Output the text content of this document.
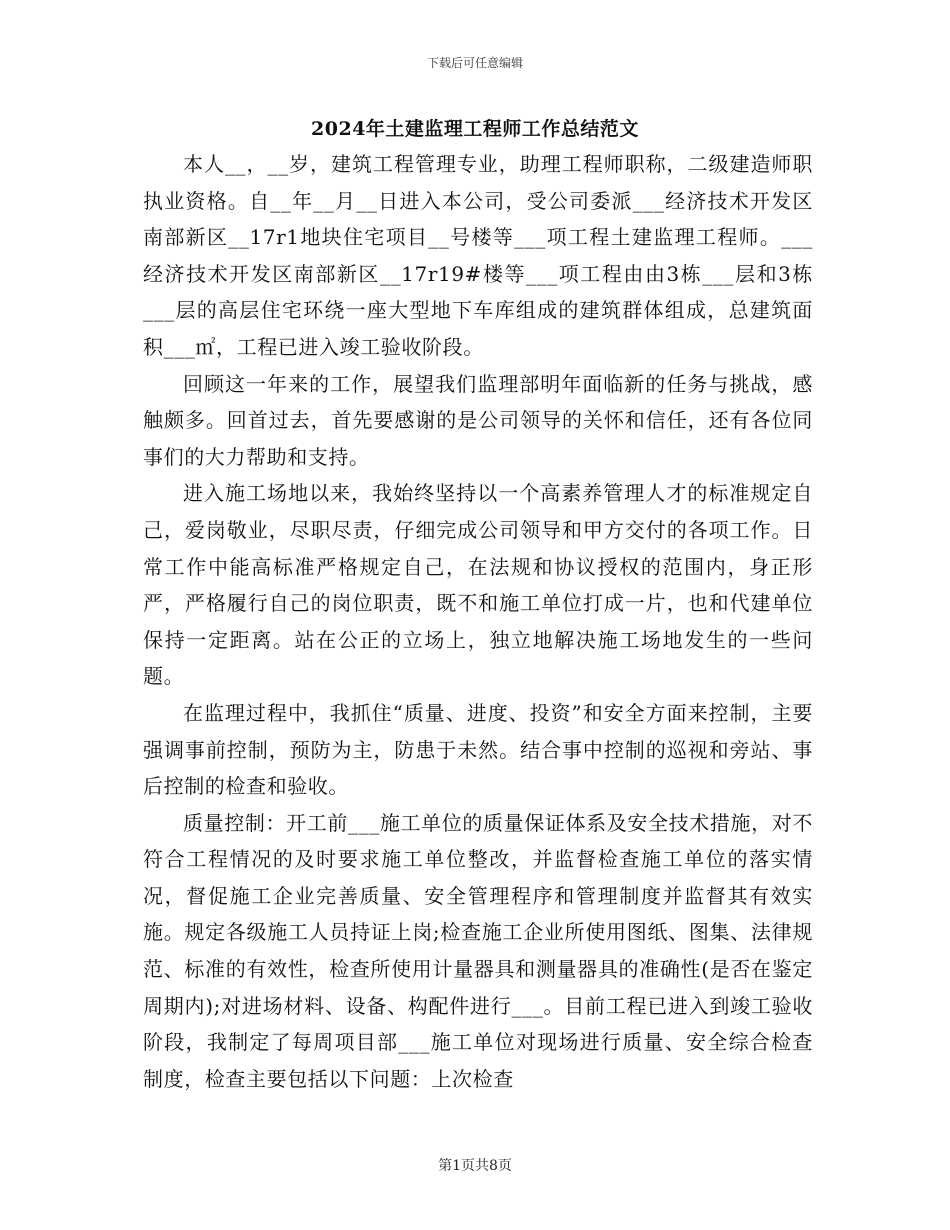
下载后可任意编辑
2024年土建监理工程师工作总结范文

本人__，__岁，建筑工程管理专业，助理工程师职称，二级建造师职执业资格。自__年__月__日进入本公司，受公司委派___经济技术开发区南部新区__17r1地块住宅项目__号楼等___项工程土建监理工程师。___经济技术开发区南部新区__17r19#楼等___项工程由由3栋___层和3栋___层的高层住宅环绕一座大型地下车库组成的建筑群体组成，总建筑面积___㎡，工程已进入竣工验收阶段。

回顾这一年来的工作，展望我们监理部明年面临新的任务与挑战，感触颇多。回首过去，首先要感谢的是公司领导的关怀和信任，还有各位同事们的大力帮助和支持。

进入施工场地以来，我始终坚持以一个高素养管理人才的标准规定自己，爱岗敬业，尽职尽责，仔细完成公司领导和甲方交付的各项工作。日常工作中能高标准严格规定自己，在法规和协议授权的范围内，身正形严，严格履行自己的岗位职责，既不和施工单位打成一片，也和代建单位保持一定距离。站在公正的立场上，独立地解决施工场地发生的一些问题。

在监理过程中，我抓住“质量、进度、投资”和安全方面来控制，主要强调事前控制，预防为主，防患于未然。结合事中控制的巡视和旁站、事后控制的检查和验收。

质量控制：开工前___施工单位的质量保证体系及安全技术措施，对不符合工程情况的及时要求施工单位整改，并监督检查施工单位的落实情况，督促施工企业完善质量、安全管理程序和管理制度并监督其有效实施。规定各级施工人员持证上岗;检查施工企业所使用图纸、图集、法律规范、标准的有效性，检查所使用计量器具和测量器具的准确性(是否在鉴定周期内);对进场材料、设备、构配件进行___。目前工程已进入到竣工验收阶段，我制定了每周项目部___施工单位对现场进行质量、安全综合检查制度，检查主要包括以下问题：上次检查

第1页共8页
